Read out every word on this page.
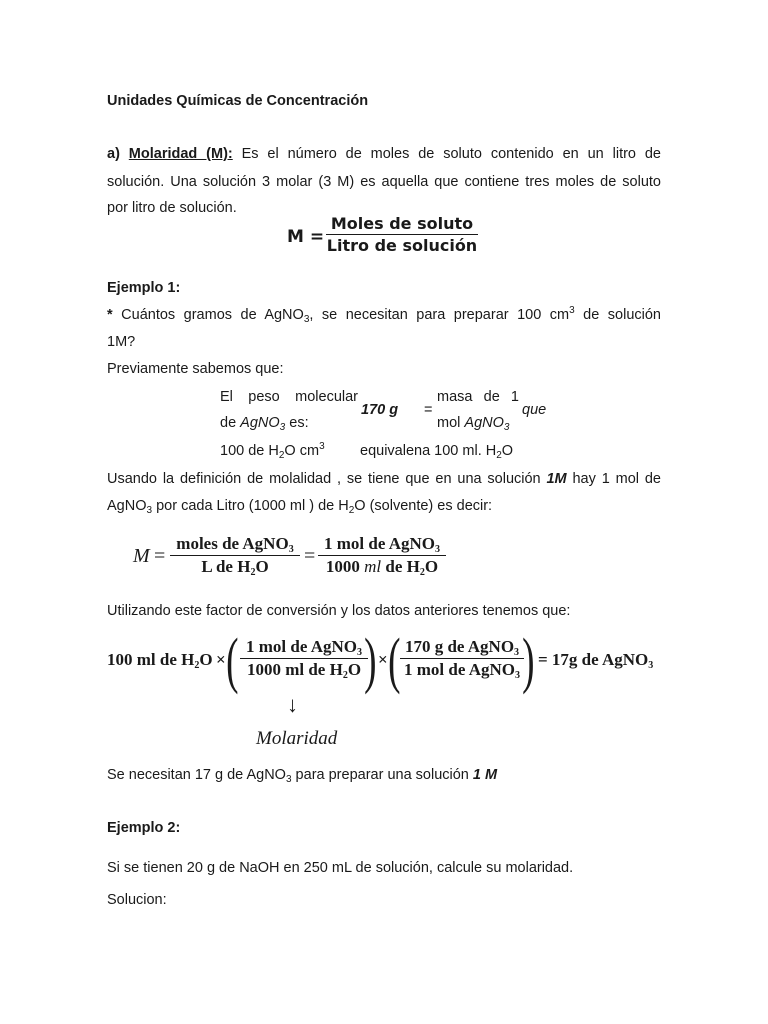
Unidades Químicas de Concentración
a) Molaridad (M): Es el número de moles de soluto contenido en un litro de
solución. Una solución 3 molar (3 M) es aquella que contiene tres moles de soluto
por litro de solución.
M =
Moles de soluto
Litro de solución
Ejemplo 1:
* Cuántos gramos de AgNO$_3$, se necesitan para preparar 100 $cm^3$ de solución
1M?
Previamente sabemos que:
El peso molecular
de AgNO$_3$ es:
170 g =
masa de 1
mol AgNO$_3$
que
100 de $H_2O$ $cm^3$ equivalena 100 ml. $H_2O$
Usando la definición de molalidad , se tiene que en una solución 1M hay 1 mol de
AgNO$_3$ por cada Litro (1000 ml ) de $H_2O$ (solvente) es decir:
M =
moles de AgNO$_3$
L de $H_2O$	=
1 mol de AgNO$_3$
1000 ml de $H_2O$
Utilizando este factor de conversión y los datos anteriores tenemos que:
100 ml de $H_2O$ × ( 1 mol de AgNO$_3$
1000 ml de $H_2O$ ) × ( 170 g de AgNO$_3$
1 mol de AgNO$_3$ ) = 17g de AgNO$_3$
↓
Molaridad
Se necesitan 17 g de AgNO$_3$ para preparar una solución 1 M
Ejemplo 2:
Si se tienen 20 g de NaOH en 250 mL de solución, calcule su molaridad.
Solucion:
